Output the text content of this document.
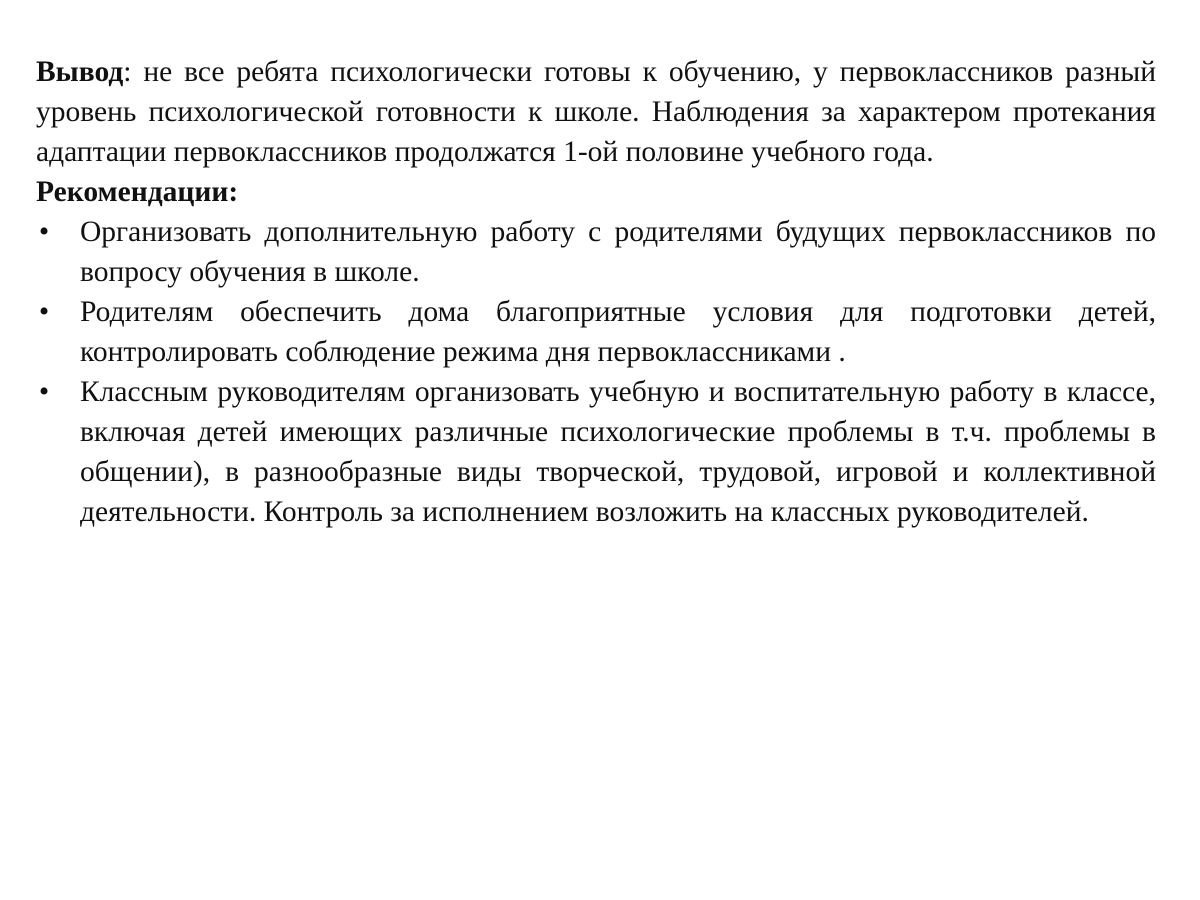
Вывод: не все ребята психологически готовы к обучению, у первоклассников разный уровень психологической готовности к школе. Наблюдения за характером протекания адаптации первоклассников продолжатся 1-ой половине учебного года.

Рекомендации:

• Организовать дополнительную работу с родителями будущих первоклассников по вопросу обучения в школе.
• Родителям обеспечить дома благоприятные условия для подготовки детей, контролировать соблюдение режима дня первоклассниками .
• Классным руководителям организовать учебную и воспитательную работу в классе, включая детей имеющих различные психологические проблемы в т.ч. проблемы в общении), в разнообразные виды творческой, трудовой, игровой и коллективной деятельности. Контроль за исполнением возложить на классных руководителей.
